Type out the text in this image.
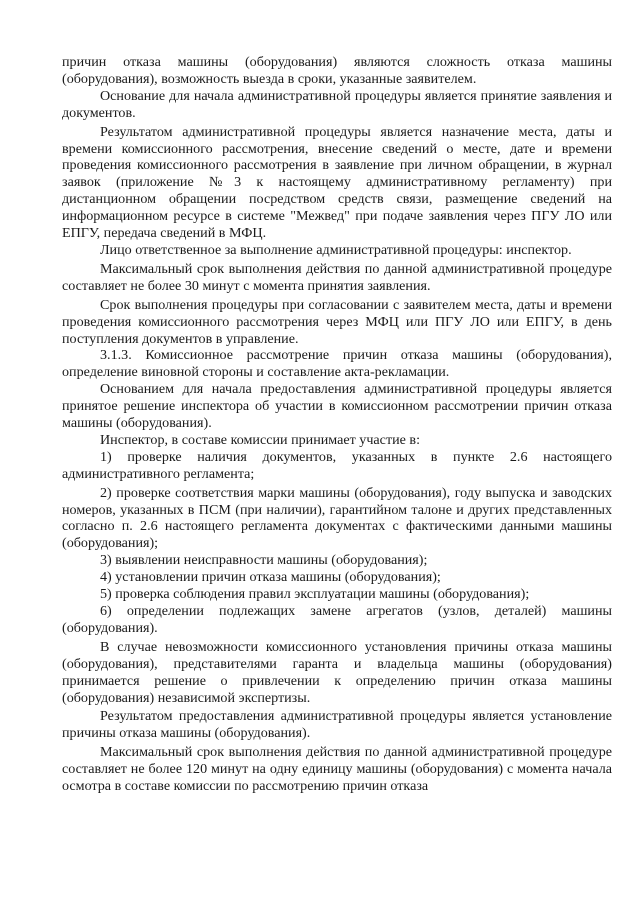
причин отказа машины (оборудования) являются сложность отказа машины (оборудования), возможность выезда в сроки, указанные заявителем.

Основание для начала административной процедуры является принятие заявления и документов.

Результатом административной процедуры является назначение места, даты и времени комиссионного рассмотрения, внесение сведений о месте, дате и времени проведения комиссионного рассмотрения в заявление при личном обращении, в журнал заявок (приложение №3 к настоящему административному регламенту) при дистанционном обращении посредством средств связи, размещение сведений на информационном ресурсе в системе "Межвед" при подаче заявления через ПГУ ЛО или ЕПГУ, передача сведений в МФЦ.

Лицо ответственное за выполнение административной процедуры: инспектор.

Максимальный срок выполнения действия по данной административной процедуре составляет не более 30 минут с момента принятия заявления.

Срок выполнения процедуры при согласовании с заявителем места, даты и времени проведения комиссионного рассмотрения через МФЦ или ПГУ ЛО или ЕПГУ, в день поступления документов в управление.

3.1.3. Комиссионное рассмотрение причин отказа машины (оборудования), определение виновной стороны и составление акта-рекламации.

Основанием для начала предоставления административной процедуры является принятое решение инспектора об участии в комиссионном рассмотрении причин отказа машины (оборудования).

Инспектор, в составе комиссии принимает участие в:

1) проверке наличия документов, указанных в пункте 2.6 настоящего административного регламента;

2) проверке соответствия марки машины (оборудования), году выпуска и заводских номеров, указанных в ПСМ (при наличии), гарантийном талоне и других представленных согласно п. 2.6 настоящего регламента документах с фактическими данными машины (оборудования);

3) выявлении неисправности машины (оборудования);

4) установлении причин отказа машины (оборудования);

5) проверка соблюдения правил эксплуатации машины (оборудования);

6) определении подлежащих замене агрегатов (узлов, деталей) машины (оборудования).

В случае невозможности комиссионного установления причины отказа машины (оборудования), представителями гаранта и владельца машины (оборудования) принимается решение о привлечении к определению причин отказа машины (оборудования) независимой экспертизы.

Результатом предоставления административной процедуры является установление причины отказа машины (оборудования).

Максимальный срок выполнения действия по данной административной процедуре составляет не более 120 минут на одну единицу машины (оборудования) с момента начала осмотра в составе комиссии по рассмотрению причин отказа
